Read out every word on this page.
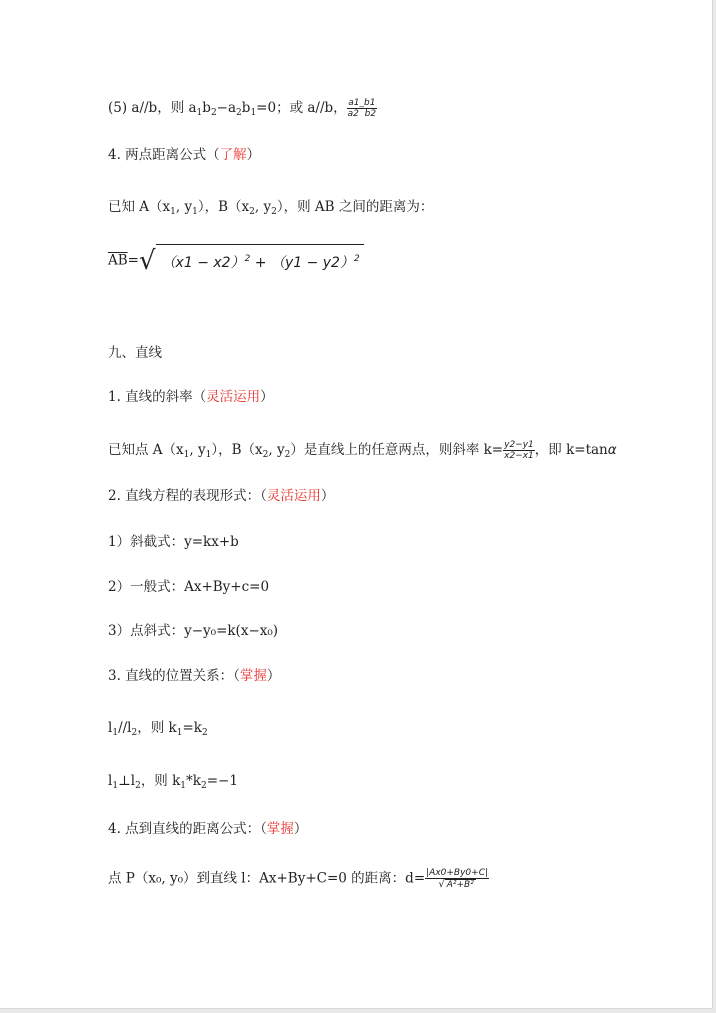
(5) a//b，则 $a_1b_2-a_2b_1=0$；或 a//b， $\frac{a1\_b1}{a2 b2}$
4. 两点距离公式（了解）
已知 $A(x_1$, $y_1$），$B(x_2$, $y_2$），则 AB 之间的距离为：
$\overline{AB}=√$ $(x1 - x2)^2 + (y1 - y2)^2$
九、直线
1. 直线的斜率（灵活运用）
已知点 $A(x_1$, $y_1$），$B(x_2$, $y_2$）是直线上的任意两点，则斜率 $k= \frac{y2-y1}{x2-x1}$ ，即 k=tanα
2. 直线方程的表现形式：（灵活运用）
1）斜截式：y=kx+b
2）一般式：Ax+By+c=0
3）点斜式：y−y₀=k(x−x₀)
3. 直线的位置关系：（掌握）
$l_1//l_2$，则 $k_1=k_2$
$l_1\perp l_2$，则 $k_1*k_2=-1$
4. 点到直线的距离公式：（掌握）
点 P（x₀, y₀）到直线 l：Ax+By+C=0 的距离：$d= \frac{|Ax0+By0+C|}{\text{√ A²+B²}}$
